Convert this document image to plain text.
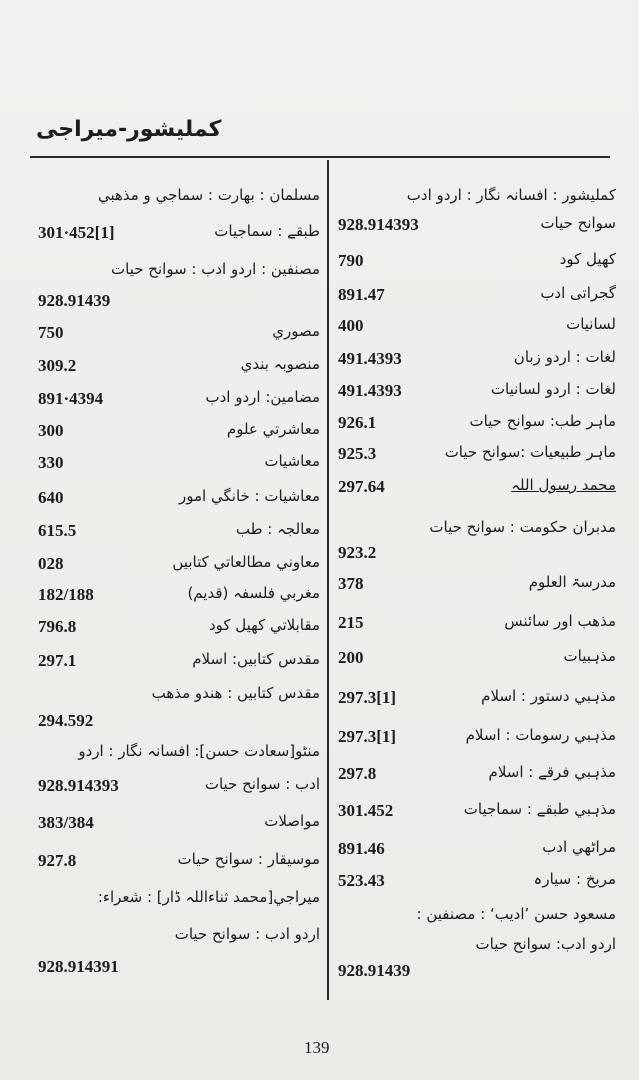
کملیشور-میراجی
کملیشور : افسانہ نگار : اردو ادب
سوانح حیات
928.914393
کھیل کود
790
گجراتی ادب
891.47
لسانیات
400
لغات : اردو زبان
491.4393
لغات : اردو لسانیات
491.4393
ماہر طب: سوانح حیات
926.1
ماہر طبیعیات :سوانح حیات
925.3
محمد رسول اللہ
297.64
مدبران حکومت : سوانح حیات
923.2
مدرسۃ العلوم
378
مذھب اور سائنس
215
مذہبیات
200
مذہبي دستور : اسلام
297.3[1]
مذہبي رسومات : اسلام
297.3[1]
مذہبي فرقے : اسلام
297.8
مذہبي طبقے : سماجیات
301.452
مراٹھي ادب
891.46
مریخ : سیارہ
523.43
مسعود حسن ’ادیب‘ : مصنفین :
اردو ادب: سوانح حیات
928.91439
مسلمان : بھارت : سماجي و مذھبي
طبقے : سماجیات
301·452[1]
مصنفین : اردو ادب : سوانح حیات
928.91439
مصوري
750
منصوبہ بندي
309.2
مضامین: اردو ادب
891·4394
معاشرتي علوم
300
معاشیات
330
معاشیات : خانگي امور
640
معالجہ : طب
615.5
معاوني مطالعاتي کتابیں
028
مغربي فلسفہ (قدیم)
182/188
مقابلاتي کھیل کود
796.8
مقدس کتابیں: اسلام
297.1
مقدس کتابیں : ھندو مذھب
294.592
منٹو[سعادت حسن]: افسانہ نگار : اردو
ادب : سوانح حیات
928.914393
مواصلات
383/384
موسیقار : سوانح حیات
927.8
میراجي[محمد ثناءاللہ ڈار] : شعراء:
اردو ادب : سوانح حیات
928.914391
139
